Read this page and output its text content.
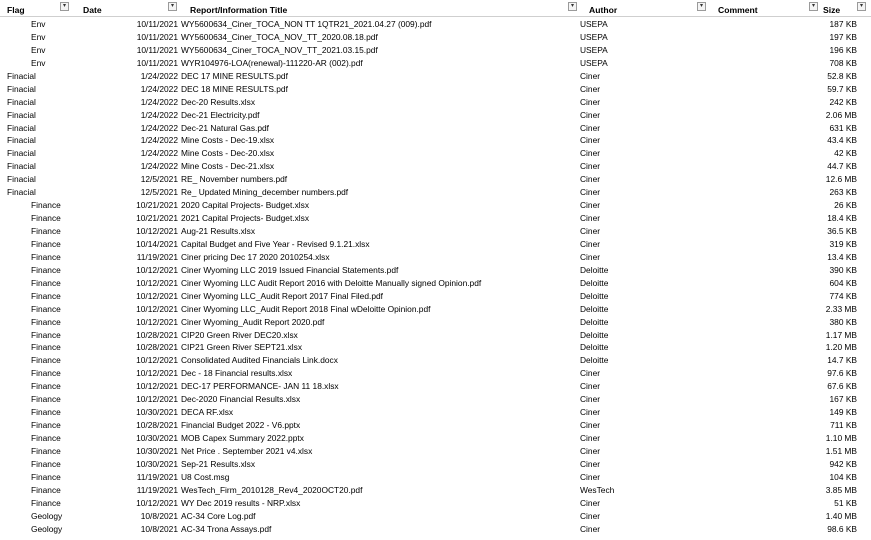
Flag	▾	Date	▾	Report/Information Title	▾	Author	▾	Comment	▾ Size	▾
Env	10/11/2021 WY5600634_Ciner_TOCA_NON TT 1QTR21_2021.04.27 (009).pdf	USEPA	187 KB
Env	10/11/2021 WY5600634_Ciner_TOCA_NOV_TT_2020.08.18.pdf	USEPA	197 KB
Env	10/11/2021 WY5600634_Ciner_TOCA_NOV_TT_2021.03.15.pdf	USEPA	196 KB
Env	10/11/2021 WYR104976-LOA(renewal)-111220-AR (002).pdf	USEPA	708 KB
Finacial	1/24/2022 DEC 17 MINE RESULTS.pdf	Ciner	52.8 KB
Finacial	1/24/2022 DEC 18 MINE RESULTS.pdf	Ciner	59.7 KB
Finacial	1/24/2022 Dec-20 Results.xlsx	Ciner	242 KB
Finacial	1/24/2022 Dec-21 Electricity.pdf	Ciner	2.06 MB
Finacial	1/24/2022 Dec-21 Natural Gas.pdf	Ciner	631 KB
Finacial	1/24/2022 Mine Costs - Dec-19.xlsx	Ciner	43.4 KB
Finacial	1/24/2022 Mine Costs - Dec-20.xlsx	Ciner	42 KB
Finacial	1/24/2022 Mine Costs - Dec-21.xlsx	Ciner	44.7 KB
Finacial	12/5/2021 RE_ November numbers.pdf	Ciner	12.6 MB
Finacial	12/5/2021 Re_ Updated Mining_december numbers.pdf	Ciner	263 KB
Finance	10/21/2021 2020 Capital Projects- Budget.xlsx	Ciner	26 KB
Finance	10/21/2021 2021 Capital Projects- Budget.xlsx	Ciner	18.4 KB
Finance	10/12/2021 Aug-21 Results.xlsx	Ciner	36.5 KB
Finance	10/14/2021 Capital Budget and Five Year - Revised 9.1.21.xlsx	Ciner	319 KB
Finance	11/19/2021 Ciner pricing Dec 17 2020 2010254.xlsx	Ciner	13.4 KB
Finance	10/12/2021 Ciner Wyoming LLC 2019 Issued Financial Statements.pdf	Deloitte	390 KB
Finance	10/12/2021 Ciner Wyoming LLC Audit Report 2016 with Deloitte Manually signed Opinion.pdf	Deloitte	604 KB
Finance	10/12/2021 Ciner Wyoming LLC_Audit Report 2017 Final Filed.pdf	Deloitte	774 KB
Finance	10/12/2021 Ciner Wyoming LLC_Audit Report 2018 Final wDeloitte Opinion.pdf	Deloitte	2.33 MB
Finance	10/12/2021 Ciner Wyoming_Audit Report 2020.pdf	Deloitte	380 KB
Finance	10/28/2021 CIP20 Green River DEC20.xlsx	Deloitte	1.17 MB
Finance	10/28/2021 CIP21 Green River SEPT21.xlsx	Deloitte	1.20 MB
Finance	10/12/2021 Consolidated Audited Financials Link.docx	Deloitte	14.7 KB
Finance	10/12/2021 Dec - 18 Financial results.xlsx	Ciner	97.6 KB
Finance	10/12/2021 DEC-17 PERFORMANCE- JAN 11 18.xlsx	Ciner	67.6 KB
Finance	10/12/2021 Dec-2020 Financial Results.xlsx	Ciner	167 KB
Finance	10/30/2021 DECA RF.xlsx	Ciner	149 KB
Finance	10/28/2021 Financial Budget 2022 - V6.pptx	Ciner	711 KB
Finance	10/30/2021 MOB Capex Summary 2022.pptx	Ciner	1.10 MB
Finance	10/30/2021 Net Price . September 2021 v4.xlsx	Ciner	1.51 MB
Finance	10/30/2021 Sep-21 Results.xlsx	Ciner	942 KB
Finance	11/19/2021 U8 Cost.msg	Ciner	104 KB
Finance	11/19/2021 WesTech_Firm_2010128_Rev4_2020OCT20.pdf	WesTech	3.85 MB
Finance	10/12/2021 WY Dec 2019 results - NRP.xlsx	Ciner	51 KB
Geology	10/8/2021 AC-34 Core Log.pdf	Ciner	1.40 MB
Geology	10/8/2021 AC-34 Trona Assays.pdf	Ciner	98.6 KB
